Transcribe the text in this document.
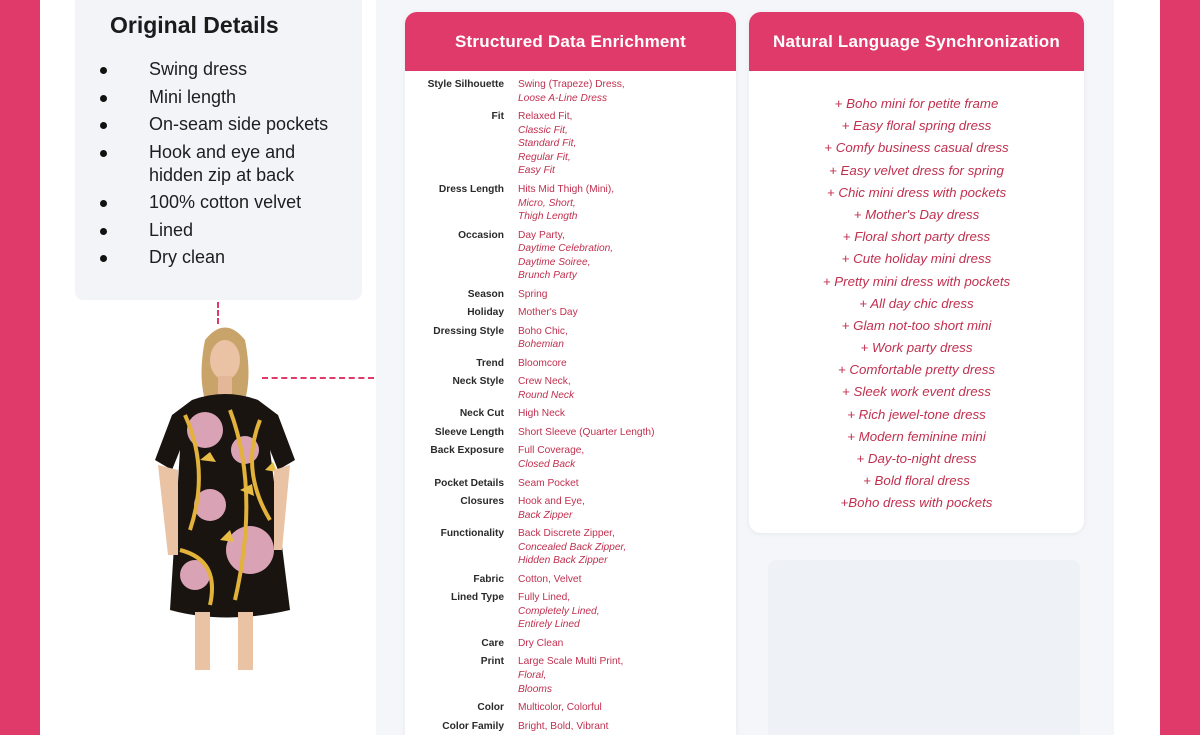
Original Details
Swing dress
Mini length
On-seam side pockets
Hook and eye and hidden zip at back
100% cotton velvet
Lined
Dry clean
Structured Data Enrichment
Style Silhouette	Swing (Trapeze) Dress,
Loose A-Line Dress
Fit	Relaxed Fit,
Classic Fit,
Standard Fit,
Regular Fit,
Easy Fit
Dress Length	Hits Mid Thigh (Mini),
Micro, Short,
Thigh Length
Occasion	Day Party,
Daytime Celebration,
Daytime Soiree,
Brunch Party
Season	Spring
Holiday	Mother's Day
Dressing Style	Boho Chic,
Bohemian
Trend	Bloomcore
Neck Style	Crew Neck,
Round Neck
Neck Cut	High Neck
Sleeve Length	Short Sleeve (Quarter Length)
Back Exposure	Full Coverage,
Closed Back
Pocket Details	Seam Pocket
Closures	Hook and Eye,
Back Zipper
Functionality	Back Discrete Zipper,
Concealed Back Zipper,
Hidden Back Zipper
Fabric	Cotton, Velvet
Lined Type	Fully Lined,
Completely Lined,
Entirely Lined
Care	Dry Clean
Print	Large Scale Multi Print,
Floral,
Blooms
Color	Multicolor, Colorful
Color Family	Bright, Bold, Vibrant
Natural Language Synchronization
+ Boho mini for petite frame
+ Easy floral spring dress
+ Comfy business casual dress
+ Easy velvet dress for spring
+ Chic mini dress with pockets
+ Mother's Day dress
+ Floral short party dress
+ Cute holiday mini dress
+ Pretty mini dress with pockets
+ All day chic dress
+ Glam not-too short mini
+ Work party dress
+ Comfortable pretty dress
+ Sleek work event dress
+ Rich jewel-tone dress
+ Modern feminine mini
+ Day-to-night dress
+ Bold floral dress
+Boho dress with pockets
